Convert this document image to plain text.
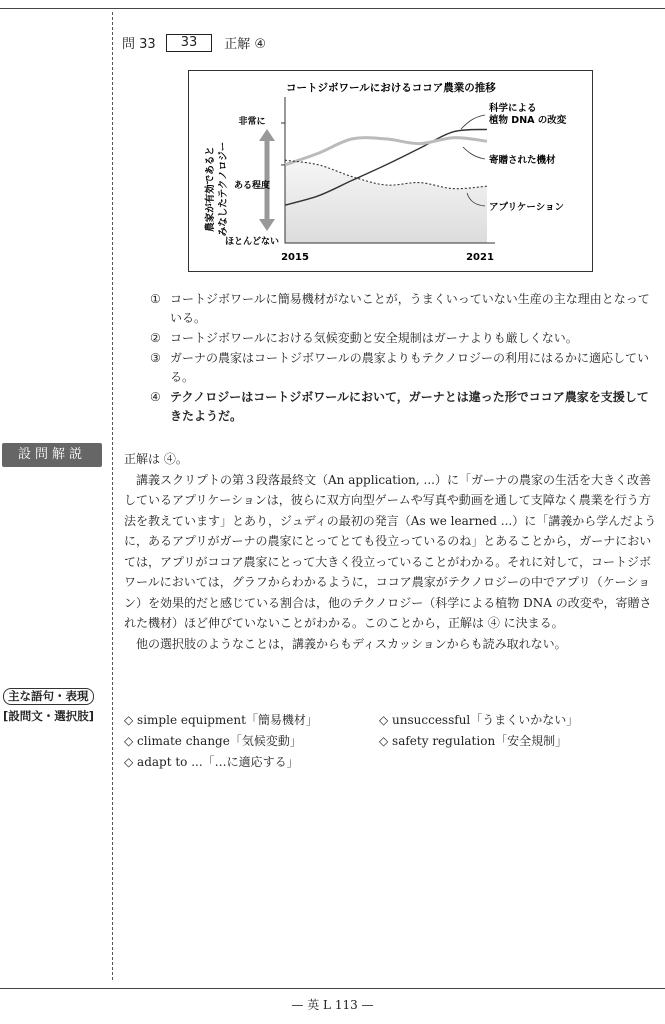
問 33	33	正解 ④
コートジボワールにおけるココア農業の推移
農家が有効であると みなしたテクノロジー
非常に
ある程度
ほとんどない
2015	2021
科学による
植物 DNA の改変
寄贈された機材
アプリケーション
① コートジボワールに簡易機材がないことが，うまくいっていない生産の主な理由となっている。
② コートジボワールにおける気候変動と安全規制はガーナよりも厳しくない。
③ ガーナの農家はコートジボワールの農家よりもテクノロジーの利用にはるかに適応している。
④ テクノロジーはコートジボワールにおいて，ガーナとは違った形でココア農家を支援してきたようだ。
設問解説	正解は ④。

講義スクリプトの第３段落最終文（An application, ...）に「ガーナの農家の生活を大きく改善しているアプリケーションは，彼らに双方向型ゲームや写真や動画を通して支障なく農業を行う方法を教えています」とあり，ジュディの最初の発言（As we learned ...）に「講義から学んだように，あるアプリがガーナの農家にとってとても役立っているのね」とあることから，ガーナにおいては，アプリがココア農家にとって大きく役立っていることがわかる。それに対して，コートジボワールにおいては，グラフからわかるように，ココア農家がテクノロジーの中でアプリ（ケーション）を効果的だと感じている割合は，他のテクノロジー（科学による植物 DNA の改変や，寄贈された機材）ほど伸びていないことがわかる。このことから，正解は ④ に決まる。

他の選択肢のようなことは，講義からもディスカッションからも読み取れない。

主な語句・表現
[設問文・選択肢] ◇ simple equipment「簡易機材」	◇ unsuccessful「うまくいかない」
◇ climate change「気候変動」	◇ safety regulation「安全規制」
◇ adapt to ...「…に適応する」
— 英 L 113 —
